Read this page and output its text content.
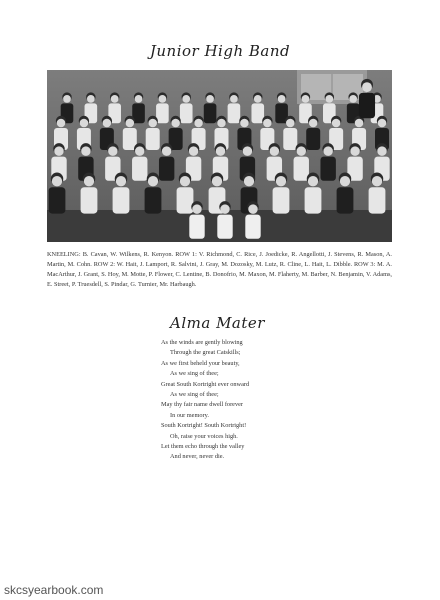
Junior High Band
KNEELING: B. Cavan, W. Wilkens, R. Kenyon. ROW 1: V. Richmond, C. Rice, J. Joedicke, R. Angellotti, J. Stevens, R. Mason, A. Martin, M. Cohn. ROW 2: W. Hait, J. Lamport, R. Salvini, J. Gray, M. Dozosky, M. Lutz, R. Cline, L. Hait, L. Dibble. ROW 3: M. A. MacArthur, J. Grant, S. Hoy, M. Motte, P. Flower, C. Lentine, B. Donofrio, M. Maxon, M. Flaherty, M. Barber, N. Benjamin, V. Adams, E. Street, P. Truesdell, S. Pindar, G. Turnier, Mr. Harbaugh.
Alma Mater
As the winds are gently blowing
Through the great Catskills;
As we first beheld your beauty,
As we sing of thee;
Great South Kortright ever onward
As we sing of thee;
May thy fair name dwell forever
In our memory.
South Kortright! South Kortright!
Oh, raise your voices high.
Let them echo through the valley
And never, never die.
skcsyearbook.com
